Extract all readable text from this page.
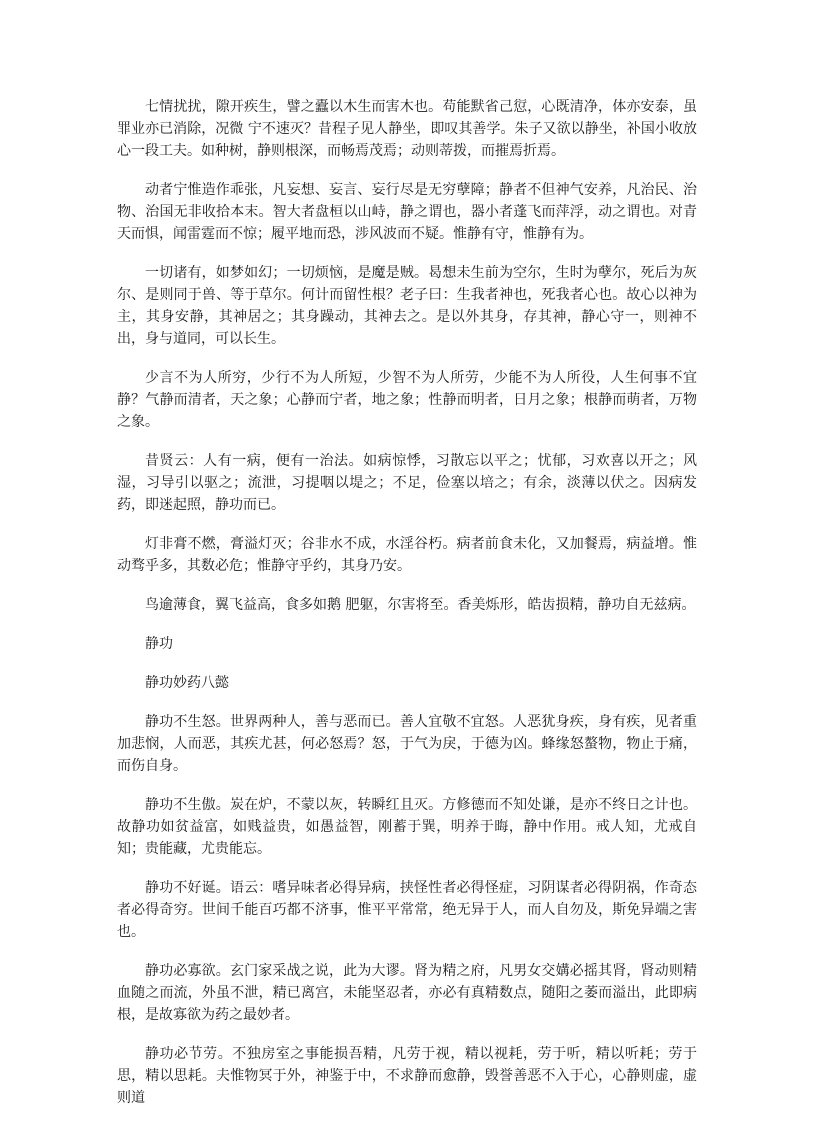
七情扰扰，隙开疾生，譬之蠹以木生而害木也。苟能默省己愆，心既清净，体亦安泰，虽罪业亦已消除，况微 宁不速灭？昔程子见人静坐，即叹其善学。朱子又欲以静坐，补国小收放心一段工夫。如种树，静则根深，而畅焉茂焉；动则蒂拨，而摧焉折焉。

动者宁惟造作乖张，凡妄想、妄言、妄行尽是无穷孽障；静者不但神气安养，凡治民、治物、治国无非收拾本末。智大者盘桓以山峙，静之谓也，器小者蓬飞而萍浮，动之谓也。对青天而惧，闻雷霆而不惊；履平地而恐，涉风波而不疑。惟静有守，惟静有为。

一切诸有，如梦如幻；一切烦恼，是魔是贼。曷想未生前为空尔，生时为孽尔，死后为灰尔、是则同于兽、等于草尔。何计而留性根？老子曰：生我者神也，死我者心也。故心以神为主，其身安静，其神居之；其身躁动，其神去之。是以外其身，存其神，静心守一，则神不出，身与道同，可以长生。

少言不为人所穷，少行不为人所短，少智不为人所劳，少能不为人所役，人生何事不宜静？气静而清者，天之象；心静而宁者，地之象；性静而明者，日月之象；根静而萌者，万物之象。

昔贤云：人有一病，便有一治法。如病惊悸，习散忘以平之；忧郁，习欢喜以开之；风湿，习导引以驱之；流泄，习提咽以堤之；不足，俭塞以培之；有余，淡薄以伏之。因病发药，即迷起照，静功而已。

灯非膏不燃，膏溢灯灭；谷非水不成，水淫谷朽。病者前食未化，又加餐焉，病益增。惟动骛乎多，其数必危；惟静守乎约，其身乃安。

鸟逾薄食，翼飞益高，食多如鹅 肥躯，尔害将至。香美烁形，皓齿损精，静功自无兹病。

静功

静功妙药八懿

静功不生怒。世界两种人，善与恶而已。善人宜敬不宜怒。人恶犹身疾，身有疾，见者重加悲悯，人而恶，其疾尤甚，何必怒焉？怒，于气为戾，于德为凶。蜂缘怒螯物，物止于痛，而伤自身。

静功不生傲。炭在炉，不蒙以灰，转瞬红且灭。方修德而不知处谦，是亦不终日之计也。故静功如贫益富，如贱益贵，如愚益智，刚蓄于巽，明养于晦，静中作用。戒人知，尤戒自知；贵能藏，尤贵能忘。

静功不好诞。语云：嗜异味者必得异病，挟怪性者必得怪症，习阴谋者必得阴祸，作奇态者必得奇穷。世间千能百巧都不济事，惟平平常常，绝无异于人，而人自勿及，斯免异端之害也。

静功必寡欲。玄门家采战之说，此为大谬。肾为精之府，凡男女交媾必摇其肾，肾动则精血随之而流，外虽不泄，精已离宫，未能坚忍者，亦必有真精数点，随阳之萎而溢出，此即病根，是故寡欲为药之最妙者。

静功必节劳。不独房室之事能损吾精，凡劳于视，精以视耗，劳于听，精以听耗；劳于思，精以思耗。夫惟物冥于外，神鉴于中，不求静而愈静，毁誉善恶不入于心，心静则虚，虚则道
